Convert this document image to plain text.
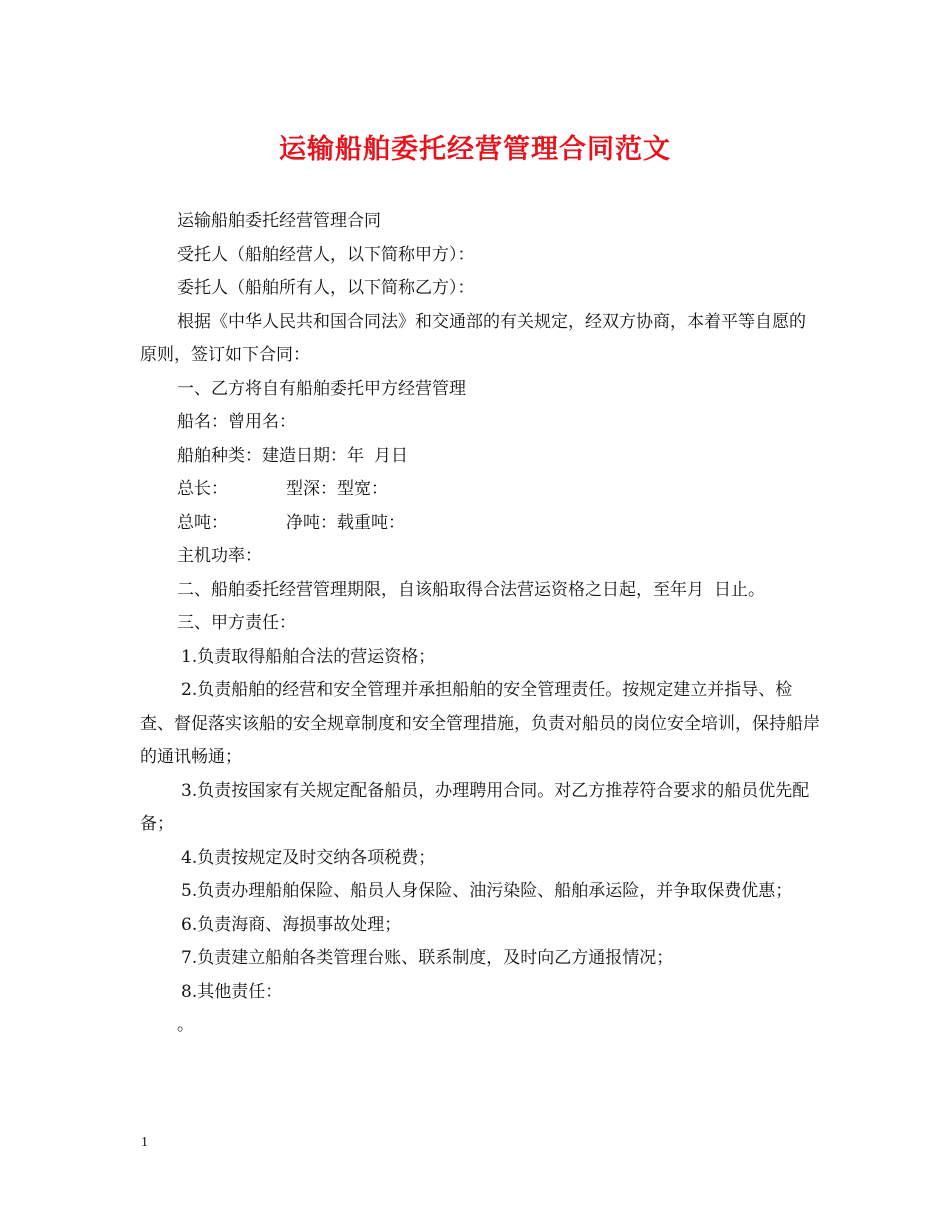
运输船舶委托经营管理合同范文

运输船舶委托经营管理合同

受托人（船舶经营人，以下简称甲方）：

委托人（船舶所有人，以下简称乙方）：

根据《中华人民共和国合同法》和交通部的有关规定，经双方协商，本着平等自愿的原则，签订如下合同：

一、乙方将自有船舶委托甲方经营管理

船名：曾用名：

船舶种类：建造日期：年 月日

总长：	型深：型宽：

总吨：	净吨：载重吨：

主机功率：

二、船舶委托经营管理期限，自该船取得合法营运资格之日起，至年月 日止。

三、甲方责任：

1.负责取得船舶合法的营运资格；

2.负责船舶的经营和安全管理并承担船舶的安全管理责任。按规定建立并指导、检查、督促落实该船的安全规章制度和安全管理措施，负责对船员的岗位安全培训，保持船岸的通讯畅通；

3.负责按国家有关规定配备船员，办理聘用合同。对乙方推荐符合要求的船员优先配备；

4.负责按规定及时交纳各项税费；

5.负责办理船舶保险、船员人身保险、油污染险、船舶承运险，并争取保费优惠；

6.负责海商、海损事故处理；

7.负责建立船舶各类管理台账、联系制度，及时向乙方通报情况；

8.其他责任：

。

1
